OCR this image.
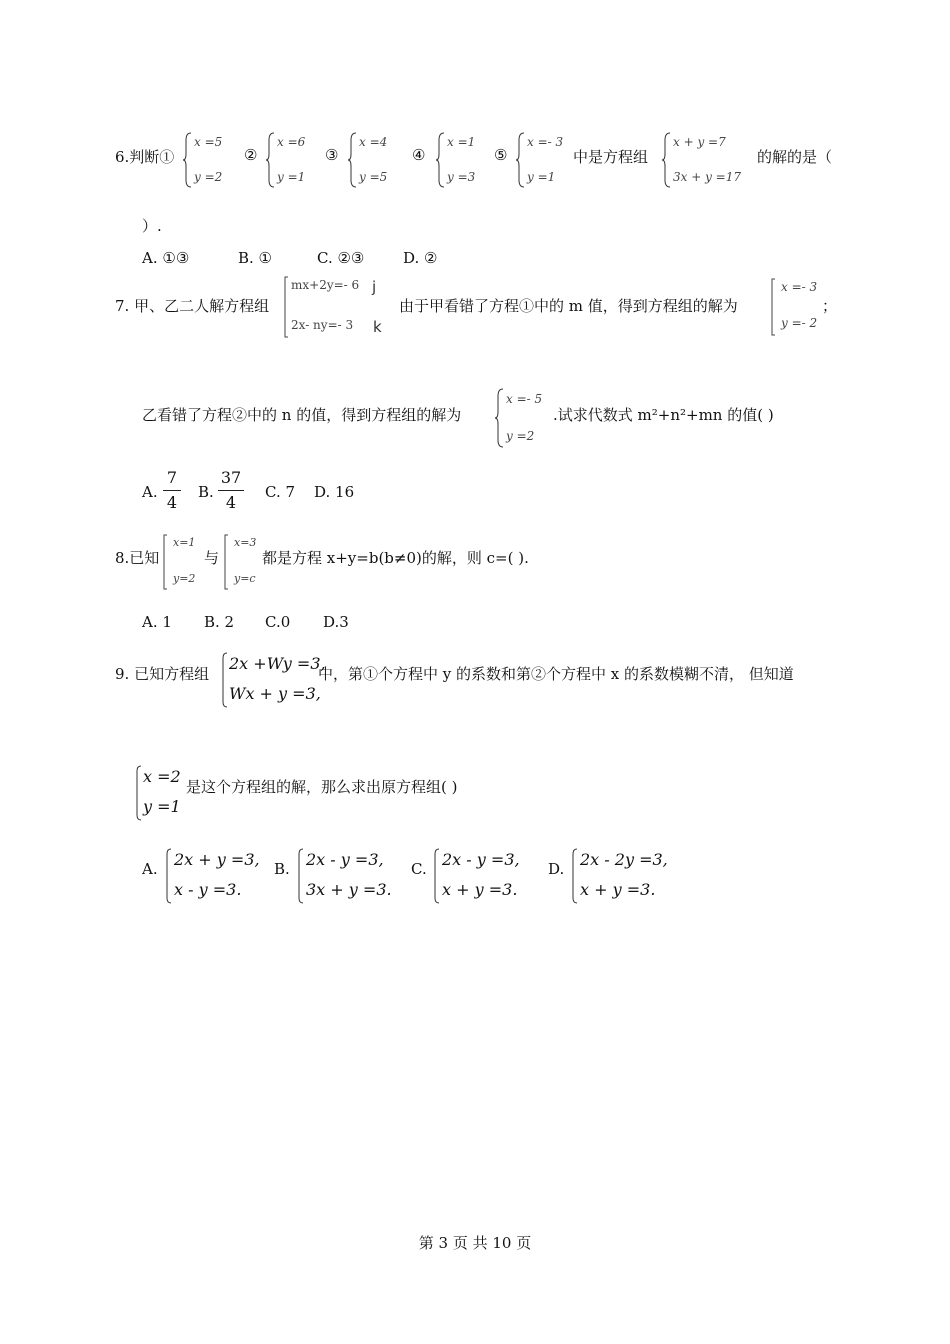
6.判断①
x =5
y =2
②
x =6
y =1
③
x =4
y =5
④
x =1
y =3
⑤
x =- 3
y =1
中是方程组
x + y =7
3x + y =17
的解的是（
）.
A. ①③	B. ①	C. ②③	D. ②
7. 甲、乙二人解方程组
mx+2y=- 6
2x- ny=- 3
j
k
由于甲看错了方程①中的 m 值，得到方程组的解为
x =- 3
y =- 2
；
乙看错了方程②中的 n 的值，得到方程组的解为
x =- 5
y =2
.试求代数式 m²+n²+mn 的值( )
A.
7
4
B.
37
4
C. 7 D. 16
8.已知
x=1
y=2
与
x=3
y=c
都是方程 x+y=b(b≠0)的解，则 c=( ).
A. 1 B. 2 C.0 D.3
9. 已知方程组
2x +Wy =3,
Wx + y =3,
中，第①个方程中 y 的系数和第②个方程中 x 的系数模糊不清， 但知道
x =2
y =1
是这个方程组的解，那么求出原方程组( )
A. 2x + y =3,
x - y =3.
B. 2x - y =3,
3x + y =3.
C. 2x - y =3,
x + y =3.
D. 2x - 2y =3,
x + y =3.
第 3 页 共 10 页
